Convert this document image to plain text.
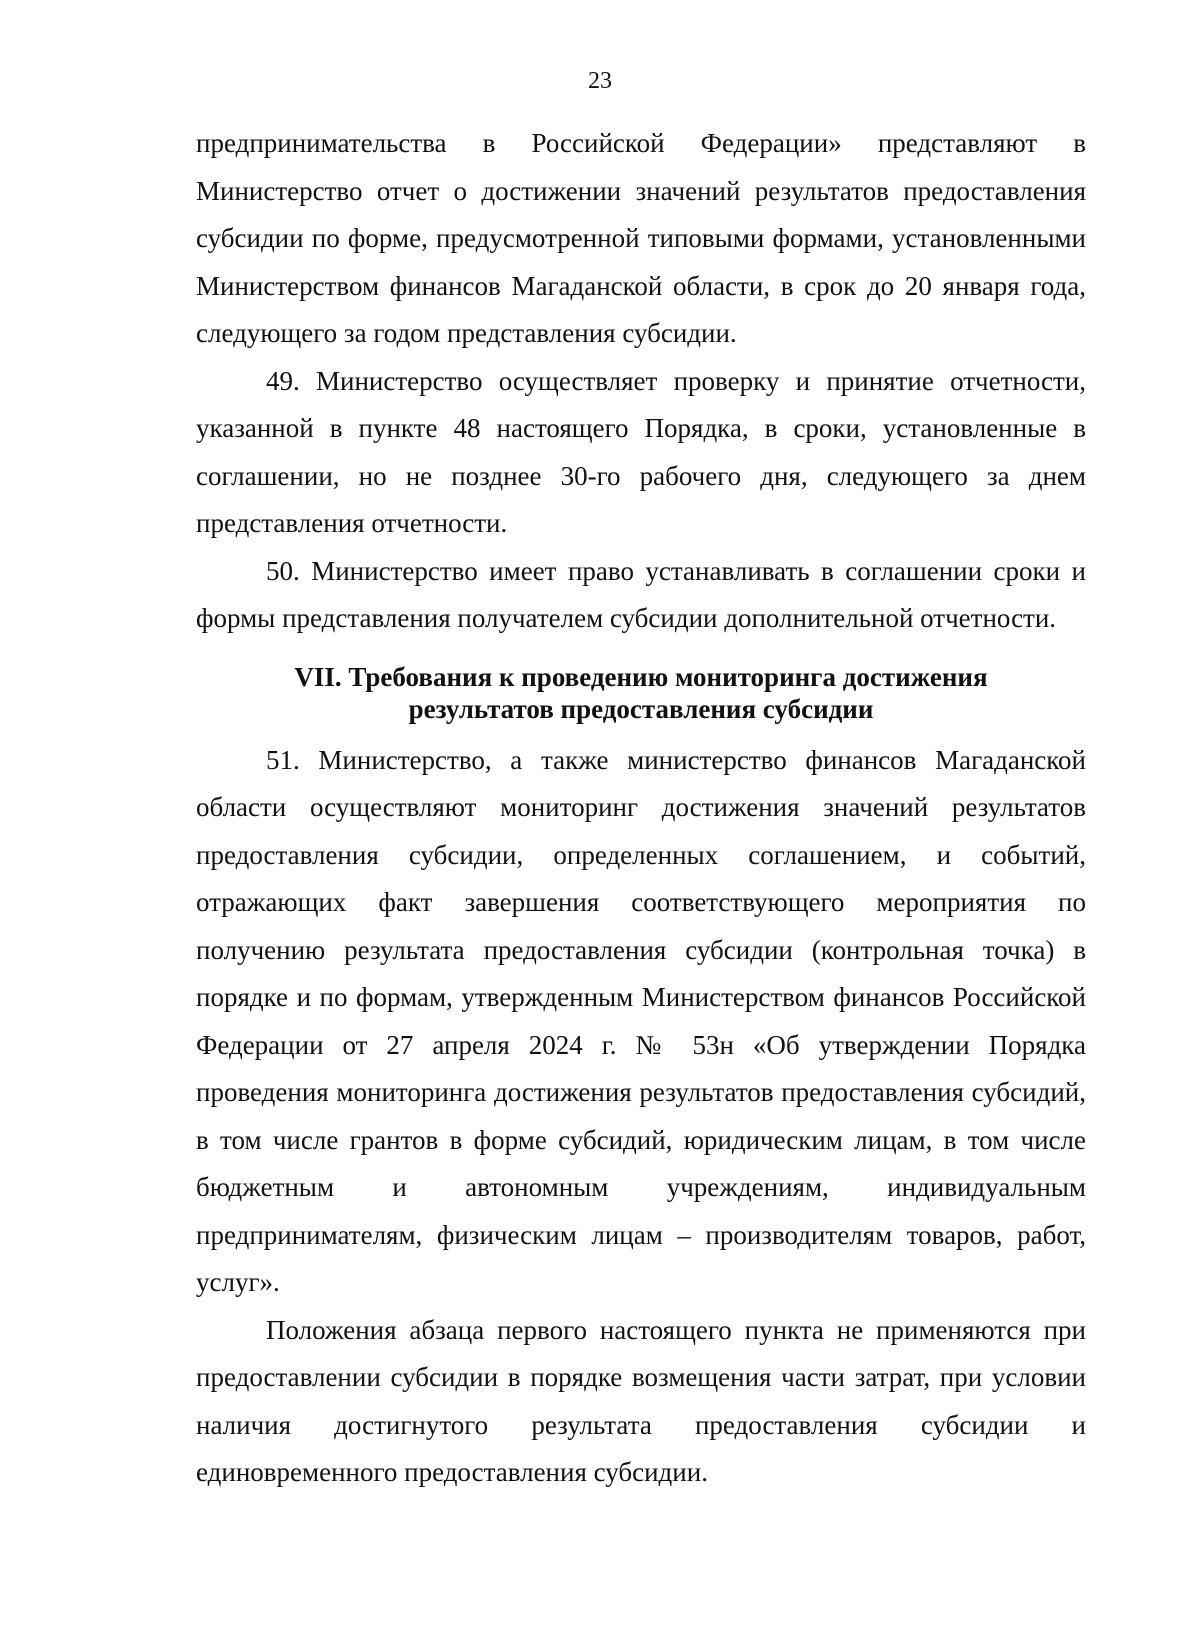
23

предпринимательства в Российской Федерации» представляют в Министерство отчет о достижении значений результатов предоставления субсидии по форме, предусмотренной типовыми формами, установленными Министерством финансов Магаданской области, в срок до 20 января года, следующего за годом представления субсидии.

49. Министерство осуществляет проверку и принятие отчетности, указанной в пункте 48 настоящего Порядка, в сроки, установленные в соглашении, но не позднее 30-го рабочего дня, следующего за днем представления отчетности.

50. Министерство имеет право устанавливать в соглашении сроки и формы представления получателем субсидии дополнительной отчетности.

VII. Требования к проведению мониторинга достижения
результатов предоставления субсидии

51. Министерство, а также министерство финансов Магаданской области осуществляют мониторинг достижения значений результатов предоставления субсидии, определенных соглашением, и событий, отражающих факт завершения соответствующего мероприятия по получению результата предоставления субсидии (контрольная точка) в порядке и по формам, утвержденным Министерством финансов Российской Федерации от 27 апреля 2024 г. № 53н «Об утверждении Порядка проведения мониторинга достижения результатов предоставления субсидий, в том числе грантов в форме субсидий, юридическим лицам, в том числе бюджетным и автономным учреждениям, индивидуальным предпринимателям, физическим лицам – производителям товаров, работ, услуг».

Положения абзаца первого настоящего пункта не применяются при предоставлении субсидии в порядке возмещения части затрат, при условии наличия достигнутого результата предоставления субсидии и единовременного предоставления субсидии.
